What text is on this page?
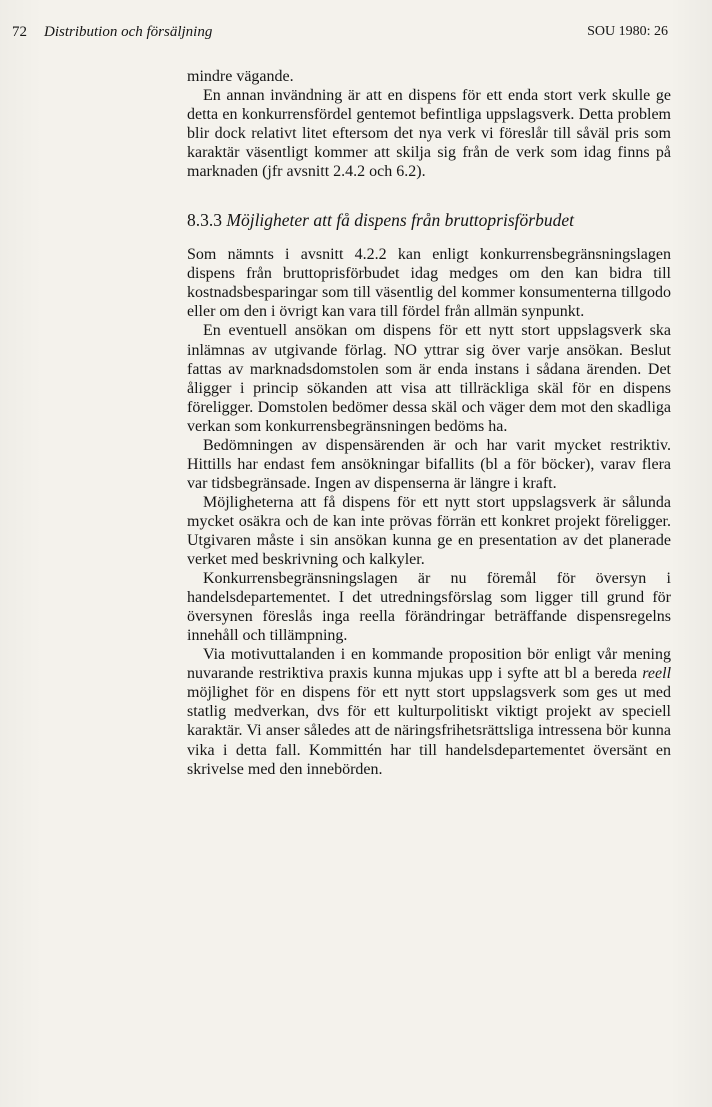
72 Distribution och försäljning	SOU 1980: 26

mindre vägande.

En annan invändning är att en dispens för ett enda stort verk skulle ge detta en konkurrensfördel gentemot befintliga uppslagsverk. Detta problem blir dock relativt litet eftersom det nya verk vi föreslår till såväl pris som karaktär väsentligt kommer att skilja sig från de verk som idag finns på marknaden (jfr avsnitt 2.4.2 och 6.2).

8.3.3 Möjligheter att få dispens från bruttoprisförbudet

Som nämnts i avsnitt 4.2.2 kan enligt konkurrensbegränsningslagen dispens från bruttoprisförbudet idag medges om den kan bidra till kostnadsbesparingar som till väsentlig del kommer konsumenterna tillgodo eller om den i övrigt kan vara till fördel från allmän synpunkt.

En eventuell ansökan om dispens för ett nytt stort uppslagsverk ska inlämnas av utgivande förlag. NO yttrar sig över varje ansökan. Beslut fattas av marknadsdomstolen som är enda instans i sådana ärenden. Det åligger i princip sökanden att visa att tillräckliga skäl för en dispens föreligger. Domstolen bedömer dessa skäl och väger dem mot den skadliga verkan som konkurrensbegränsningen bedöms ha.

Bedömningen av dispensärenden är och har varit mycket restriktiv. Hittills har endast fem ansökningar bifallits (bl a för böcker), varav flera var tidsbegränsade. Ingen av dispenserna är längre i kraft.

Möjligheterna att få dispens för ett nytt stort uppslagsverk är sålunda mycket osäkra och de kan inte prövas förrän ett konkret projekt föreligger. Utgivaren måste i sin ansökan kunna ge en presentation av det planerade verket med beskrivning och kalkyler.

Konkurrensbegränsningslagen är nu föremål för översyn i handelsdepartementet. I det utredningsförslag som ligger till grund för översynen föreslås inga reella förändringar beträffande dispensregelns innehåll och tillämpning.

Via motivuttalanden i en kommande proposition bör enligt vår mening nuvarande restriktiva praxis kunna mjukas upp i syfte att bl a bereda reell möjlighet för en dispens för ett nytt stort uppslagsverk som ges ut med statlig medverkan, dvs för ett kulturpolitiskt viktigt projekt av speciell karaktär. Vi anser således att de näringsfrihetsrättsliga intressena bör kunna vika i detta fall. Kommittén har till handelsdepartementet översänt en skrivelse med den innebörden.
